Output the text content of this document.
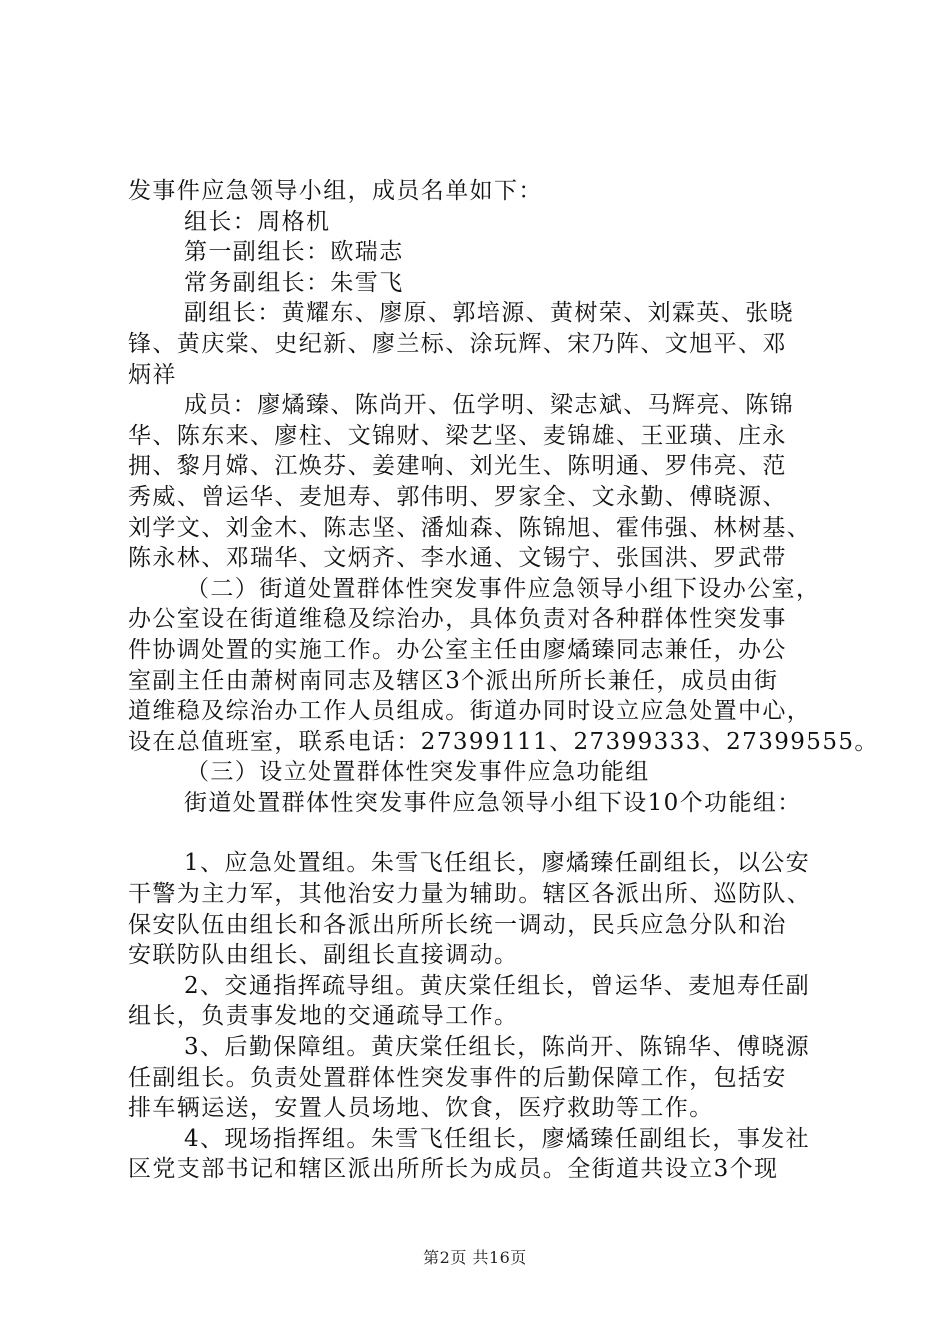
发事件应急领导小组，成员名单如下：
组长：周格机
第一副组长：欧瑞志
常务副组长：朱雪飞
副组长：黄耀东、廖原、郭培源、黄树荣、刘霖英、张晓
锋、黄庆棠、史纪新、廖兰标、涂玩辉、宋乃阵、文旭平、邓
炳祥
成员：廖燏臻、陈尚开、伍学明、梁志斌、马辉亮、陈锦
华、陈东来、廖柱、文锦财、梁艺坚、麦锦雄、王亚璜、庄永
拥、黎月嫦、江焕芬、姜建响、刘光生、陈明通、罗伟亮、范
秀威、曾运华、麦旭寿、郭伟明、罗家全、文永勤、傅晓源、
刘学文、刘金木、陈志坚、潘灿森、陈锦旭、霍伟强、林树基、
陈永林、邓瑞华、文炳齐、李水通、文锡宁、张国洪、罗武带
（二）街道处置群体性突发事件应急领导小组下设办公室，
办公室设在街道维稳及综治办，具体负责对各种群体性突发事
件协调处置的实施工作。办公室主任由廖燏臻同志兼任，办公
室副主任由萧树南同志及辖区3个派出所所长兼任，成员由街
道维稳及综治办工作人员组成。街道办同时设立应急处置中心，
设在总值班室，联系电话：27399111、27399333、27399555。
（三）设立处置群体性突发事件应急功能组
街道处置群体性突发事件应急领导小组下设10个功能组：
1、应急处置组。朱雪飞任组长，廖燏臻任副组长，以公安
干警为主力军，其他治安力量为辅助。辖区各派出所、巡防队、
保安队伍由组长和各派出所所长统一调动，民兵应急分队和治
安联防队由组长、副组长直接调动。
2、交通指挥疏导组。黄庆棠任组长，曾运华、麦旭寿任副
组长，负责事发地的交通疏导工作。
3、后勤保障组。黄庆棠任组长，陈尚开、陈锦华、傅晓源
任副组长。负责处置群体性突发事件的后勤保障工作，包括安
排车辆运送，安置人员场地、饮食，医疗救助等工作。
4、现场指挥组。朱雪飞任组长，廖燏臻任副组长，事发社
区党支部书记和辖区派出所所长为成员。全街道共设立3个现
第2页 共16页
